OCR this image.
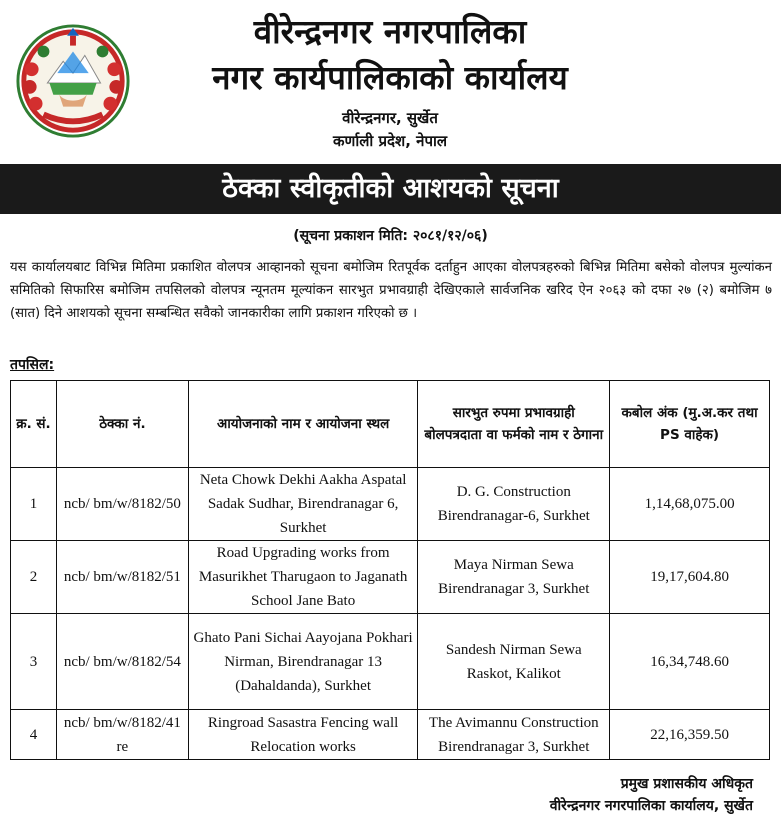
वीरेन्द्रनगर नगरपालिका
नगर कार्यपालिकाको कार्यालय
वीरेन्द्रनगर, सुर्खेत
कर्णाली प्रदेश, नेपाल
ठेक्का स्वीकृतीको आशयको सूचना
(सूचना प्रकाशन मिति: २०८१/१२/०६)
यस कार्यालयबाट विभिन्न मितिमा प्रकाशित वोलपत्र आव्हानको सूचना बमोजिम रितपूर्वक दर्ताहुन आएका वोलपत्रहरुको बिभिन्न मितिमा बसेको वोलपत्र मुल्यांकन समितिको सिफारिस बमोजिम तपसिलको वोलपत्र न्यूनतम मूल्यांकन सारभुत प्रभावग्राही देखिएकाले सार्वजनिक खरिद ऐन २०६३ को दफा २७ (२) बमोजिम ७ (सात) दिने आशयको सूचना सम्बन्धित सवैको जानकारीका लागि प्रकाशन गरिएको छ ।
तपसिल:
क्र. सं.	ठेक्का नं.	आयोजनाको नाम र आयोजना स्थल	सारभुत रुपमा प्रभावग्राही बोलपत्रदाता वा फर्मको नाम र ठेगाना	कबोल अंक (मु.अ.कर तथा PS वाहेक)
1	ncb/ bm/w/8182/50	Neta Chowk Dekhi Aakha Aspatal Sadak Sudhar, Birendranagar 6, Surkhet	D. G. Construction Birendranagar-6, Surkhet	1,14,68,075.00
2	ncb/ bm/w/8182/51	Road Upgrading works from Masurikhet Tharugaon to Jaganath School Jane Bato	Maya Nirman Sewa Birendranagar 3, Surkhet	19,17,604.80
3	ncb/ bm/w/8182/54	Ghato Pani Sichai Aayojana Pokhari Nirman, Birendranagar 13 (Dahaldanda), Surkhet	Sandesh Nirman Sewa Raskot, Kalikot	16,34,748.60
4	ncb/ bm/w/8182/41 re	Ringroad Sasastra Fencing wall Relocation works	The Avimannu Construction Birendranagar 3, Surkhet	22,16,359.50
प्रमुख प्रशासकीय अधिकृत
वीरेन्द्रनगर नगरपालिका कार्यालय, सुर्खेत
